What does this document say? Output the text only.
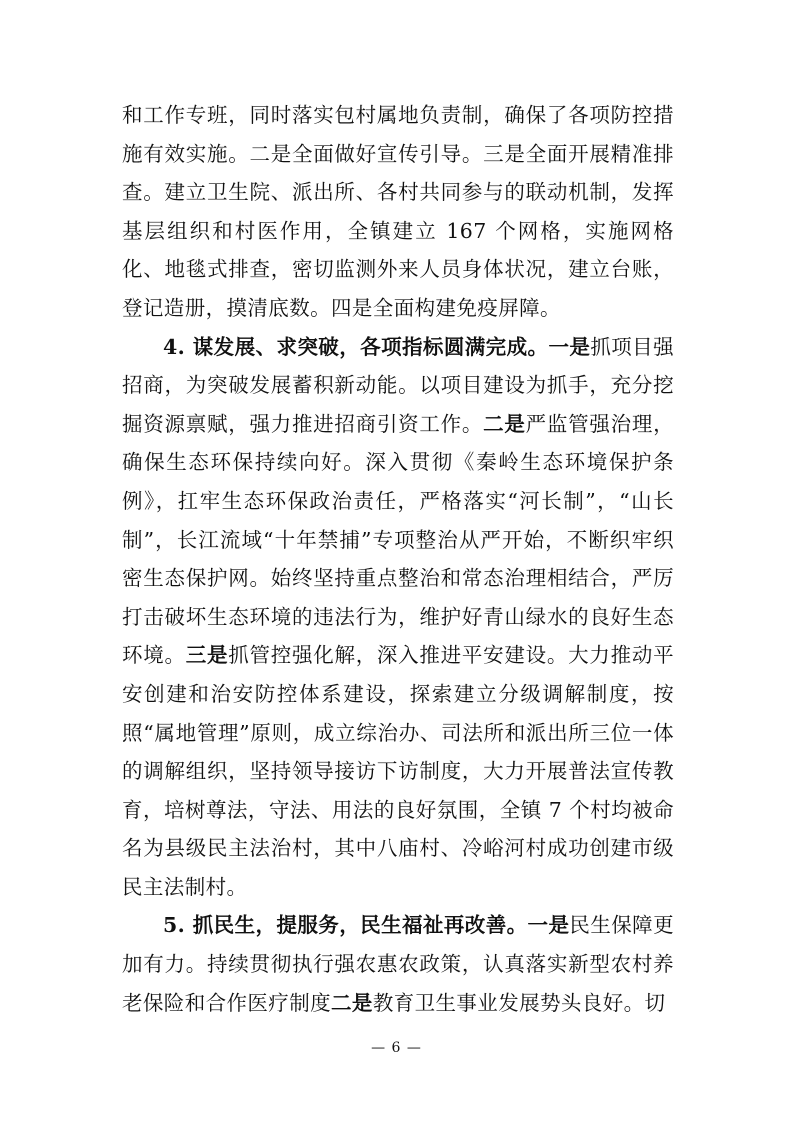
和工作专班，同时落实包村属地负责制，确保了各项防控措施有效实施。二是全面做好宣传引导。三是全面开展精准排查。建立卫生院、派出所、各村共同参与的联动机制，发挥基层组织和村医作用，全镇建立 167 个网格，实施网格化、地毯式排查，密切监测外来人员身体状况，建立台账，登记造册，摸清底数。四是全面构建免疫屏障。

4. 谋发展、求突破，各项指标圆满完成。一是抓项目强招商，为突破发展蓄积新动能。以项目建设为抓手，充分挖掘资源禀赋，强力推进招商引资工作。二是严监管强治理，确保生态环保持续向好。深入贯彻《秦岭生态环境保护条例》，扛牢生态环保政治责任，严格落实“河长制”，“山长制”，长江流域“十年禁捕”专项整治从严开始，不断织牢织密生态保护网。始终坚持重点整治和常态治理相结合，严厉打击破坏生态环境的违法行为，维护好青山绿水的良好生态环境。三是抓管控强化解，深入推进平安建设。大力推动平安创建和治安防控体系建设，探索建立分级调解制度，按照“属地管理”原则，成立综治办、司法所和派出所三位一体的调解组织，坚持领导接访下访制度，大力开展普法宣传教育，培树尊法，守法、用法的良好氛围，全镇 7 个村均被命名为县级民主法治村，其中八庙村、冷峪河村成功创建市级民主法制村。

5. 抓民生，提服务，民生福祉再改善。一是民生保障更加有力。持续贯彻执行强农惠农政策，认真落实新型农村养老保险和合作医疗制度二是教育卫生事业发展势头良好。切

— 6 —
